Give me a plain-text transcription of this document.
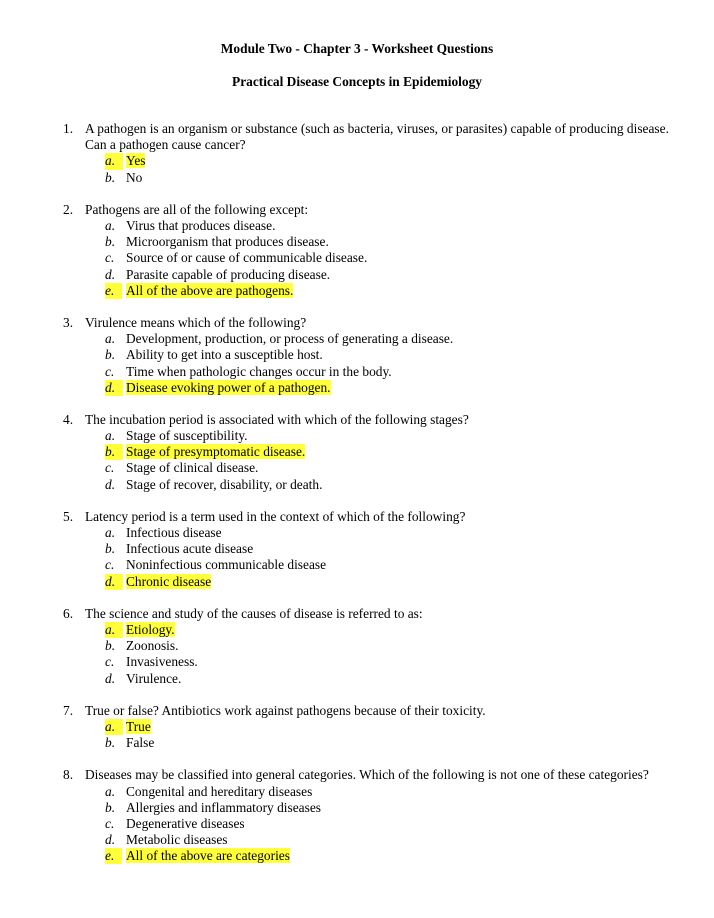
Module Two - Chapter 3 - Worksheet Questions
Practical Disease Concepts in Epidemiology
1. A pathogen is an organism or substance (such as bacteria, viruses, or parasites) capable of producing disease. Can a pathogen cause cancer?
a. Yes
b. No
2. Pathogens are all of the following except:
a. Virus that produces disease.
b. Microorganism that produces disease.
c. Source of or cause of communicable disease.
d. Parasite capable of producing disease.
e. All of the above are pathogens.
3. Virulence means which of the following?
a. Development, production, or process of generating a disease.
b. Ability to get into a susceptible host.
c. Time when pathologic changes occur in the body.
d. Disease evoking power of a pathogen.
4. The incubation period is associated with which of the following stages?
a. Stage of susceptibility.
b. Stage of presymptomatic disease.
c. Stage of clinical disease.
d. Stage of recover, disability, or death.
5. Latency period is a term used in the context of which of the following?
a. Infectious disease
b. Infectious acute disease
c. Noninfectious communicable disease
d. Chronic disease
6. The science and study of the causes of disease is referred to as:
a. Etiology.
b. Zoonosis.
c. Invasiveness.
d. Virulence.
7. True or false? Antibiotics work against pathogens because of their toxicity.
a. True
b. False
8. Diseases may be classified into general categories. Which of the following is not one of these categories?
a. Congenital and hereditary diseases
b. Allergies and inflammatory diseases
c. Degenerative diseases
d. Metabolic diseases
e. All of the above are categories
